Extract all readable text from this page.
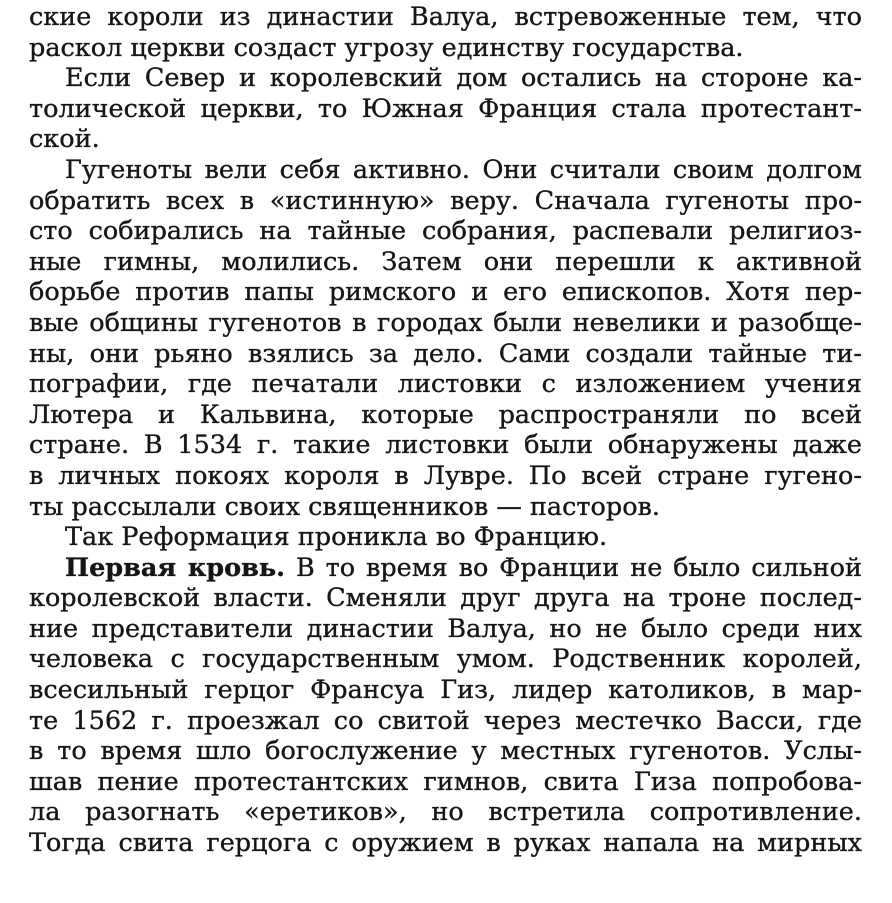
ские короли из династии Валуа, встревоженные тем, что
раскол церкви создаст угрозу единству государства.
Если Север и королевский дом остались на стороне ка-
толической церкви, то Южная Франция стала протестант-
ской.
Гугеноты вели себя активно. Они считали своим долгом
обратить всех в «истинную» веру. Сначала гугеноты про-
сто собирались на тайные собрания, распевали религиоз-
ные гимны, молились. Затем они перешли к активной
борьбе против папы римского и его епископов. Хотя пер-
вые общины гугенотов в городах были невелики и разобще-
ны, они рьяно взялись за дело. Сами создали тайные ти-
пографии, где печатали листовки с изложением учения
Лютера и Кальвина, которые распространяли по всей
стране. В 1534 г. такие листовки были обнаружены даже
в личных покоях короля в Лувре. По всей стране гугено-
ты рассылали своих священников — пасторов.
Так Реформация проникла во Францию.
Первая кровь. В то время во Франции не было сильной
королевской власти. Сменяли друг друга на троне послед-
ние представители династии Валуа, но не было среди них
человека с государственным умом. Родственник королей,
всесильный герцог Франсуа Гиз, лидер католиков, в мар-
те 1562 г. проезжал со свитой через местечко Васси, где
в то время шло богослужение у местных гугенотов. Услы-
шав пение протестантских гимнов, свита Гиза попробова-
ла разогнать «еретиков», но встретила сопротивление.
Тогда свита герцога с оружием в руках напала на мирных
